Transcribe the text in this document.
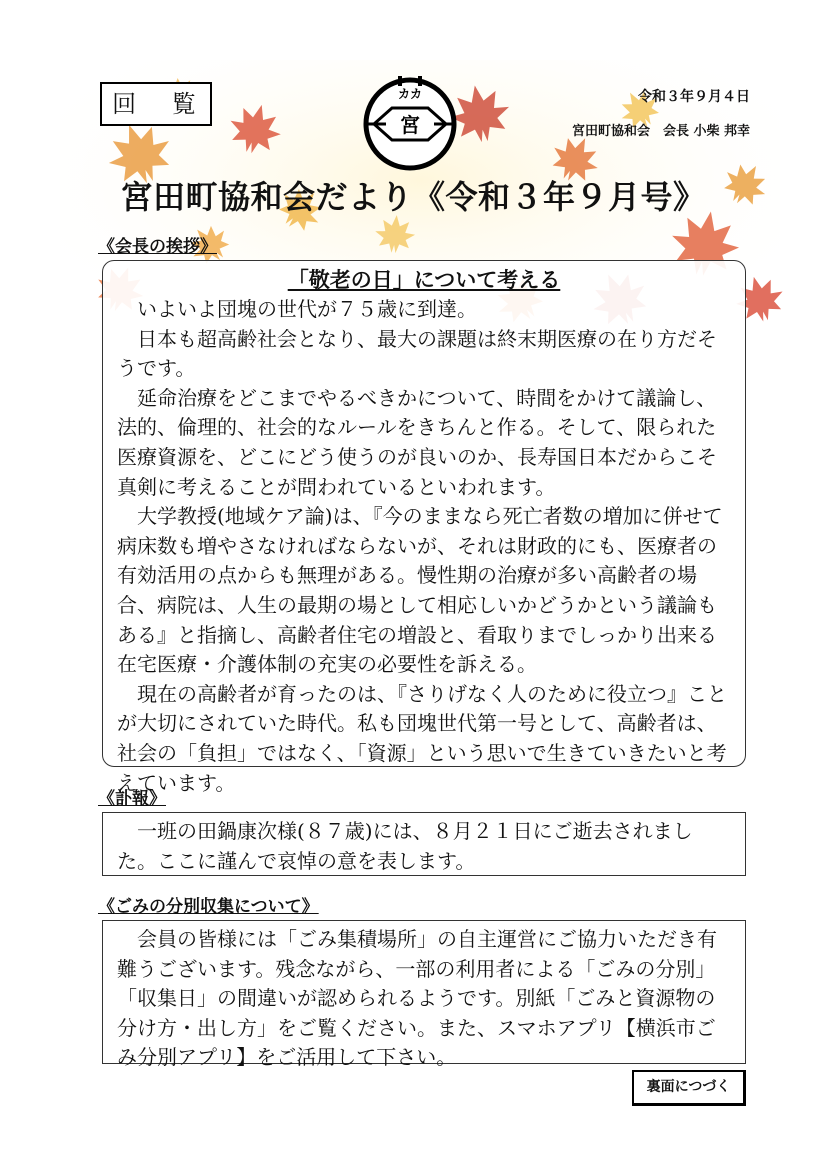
回 覧	カカ
宮
令和３年９月４日
宮田町協和会　会長 小柴 邦幸
宮田町協和会だより《令和３年９月号》
《会長の挨拶》
「敬老の日」について考える

いよいよ団塊の世代が７５歳に到達。

日本も超高齢社会となり、最大の課題は終末期医療の在り方だそうです。

延命治療をどこまでやるべきかについて、時間をかけて議論し、法的、倫理的、社会的なルールをきちんと作る。そして、限られた医療資源を、どこにどう使うのが良いのか、長寿国日本だからこそ真剣に考えることが問われているといわれます。

大学教授(地域ケア論)は、『今のままなら死亡者数の増加に併せて病床数も増やさなければならないが、それは財政的にも、医療者の有効活用の点からも無理がある。慢性期の治療が多い高齢者の場合、病院は、人生の最期の場として相応しいかどうかという議論もある』と指摘し、高齢者住宅の増設と、看取りまでしっかり出来る在宅医療・介護体制の充実の必要性を訴える。

現在の高齢者が育ったのは、『さりげなく人のために役立つ』ことが大切にされていた時代。私も団塊世代第一号として、高齢者は、社会の「負担」ではなく、「資源」という思いで生きていきたいと考えています。

《訃報》

一班の田鍋康次様(８７歳)には、８月２１日にご逝去されました。ここに謹んで哀悼の意を表します。

《ごみの分別収集について》

会員の皆様には「ごみ集積場所」の自主運営にご協力いただき有難うございます。残念ながら、一部の利用者による「ごみの分別」「収集日」の間違いが認められるようです。別紙「ごみと資源物の分け方・出し方」をご覧ください。また、スマホアプリ【横浜市ごみ分別アプリ】をご活用して下さい。

裏面につづく
